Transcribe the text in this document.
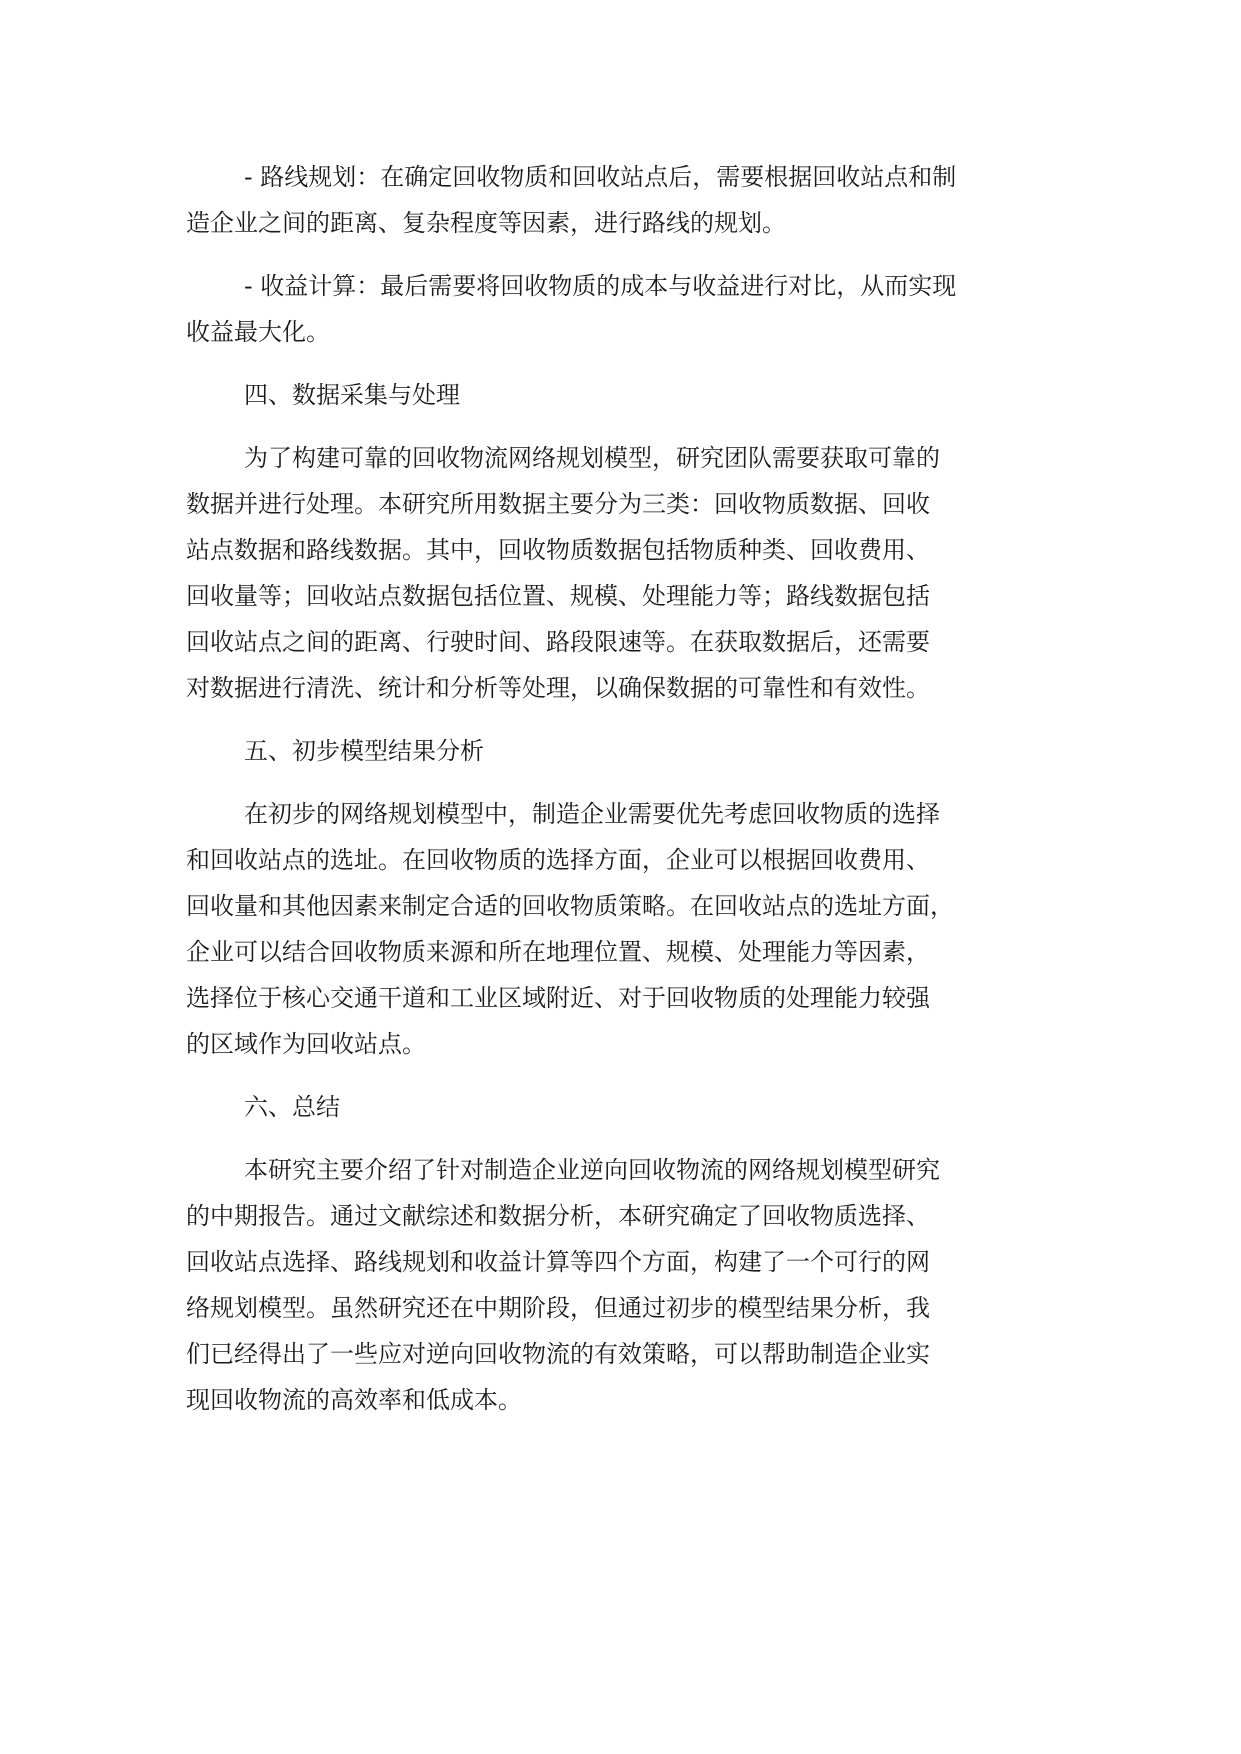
- 路线规划：在确定回收物质和回收站点后，需要根据回收站点和制
造企业之间的距离、复杂程度等因素，进行路线的规划。
- 收益计算：最后需要将回收物质的成本与收益进行对比，从而实现
收益最大化。
四、数据采集与处理
为了构建可靠的回收物流网络规划模型，研究团队需要获取可靠的
数据并进行处理。本研究所用数据主要分为三类：回收物质数据、回收
站点数据和路线数据。其中，回收物质数据包括物质种类、回收费用、
回收量等；回收站点数据包括位置、规模、处理能力等；路线数据包括
回收站点之间的距离、行驶时间、路段限速等。在获取数据后，还需要
对数据进行清洗、统计和分析等处理，以确保数据的可靠性和有效性。
五、初步模型结果分析
在初步的网络规划模型中，制造企业需要优先考虑回收物质的选择
和回收站点的选址。在回收物质的选择方面，企业可以根据回收费用、
回收量和其他因素来制定合适的回收物质策略。在回收站点的选址方面，
企业可以结合回收物质来源和所在地理位置、规模、处理能力等因素，
选择位于核心交通干道和工业区域附近、对于回收物质的处理能力较强
的区域作为回收站点。
六、总结
本研究主要介绍了针对制造企业逆向回收物流的网络规划模型研究
的中期报告。通过文献综述和数据分析，本研究确定了回收物质选择、
回收站点选择、路线规划和收益计算等四个方面，构建了一个可行的网
络规划模型。虽然研究还在中期阶段，但通过初步的模型结果分析，我
们已经得出了一些应对逆向回收物流的有效策略，可以帮助制造企业实
现回收物流的高效率和低成本。
